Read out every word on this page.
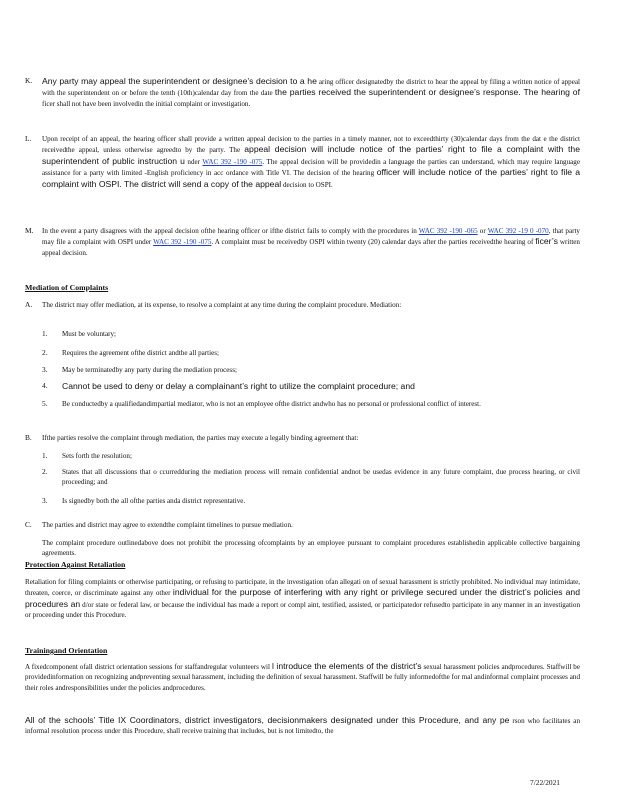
K.	Any party may appeal the superintendent or designee’s decision to a he aring officer designatedby the district to hear the appeal by filing a written notice of appeal with the superintendent on or before the tenth (10th)calendar day from the date the parties received the superintendent or designee’s response. The hearing of ficer shall not have been involvedin the initial complaint or investigation.
L.	Upon receipt of an appeal, the hearing officer shall provide a written appeal decision to the parties in a timely manner, not to exceedthirty (30)calendar days from the dat e the district receivedthe appeal, unless otherwise agreedto by the party. The appeal decision will include notice of the parties’ right to file a complaint with the superintendent of public instruction u nder WAC 392 -190 -075. The appeal decision will be providedin a language the parties can understand, which may require language assistance for a party with limited -English proficiency in acc ordance with Title VI. The decision of the hearing officer will include notice of the parties’ right to file a complaint with OSPI. The district will send a copy of the appeal decision to OSPI.
M.	In the event a party disagrees with the appeal decision ofthe hearing officer or ifthe district fails to comply with the procedures in WAC 392 -190 -065 or WAC 392 -19 0 -070, that party may file a complaint with OSPI under WAC 392 -190 -075. A complaint must be receivedby OSPI within twenty (20) calendar days after the parties receivedthe hearing of ficer’s written appeal decision.
Mediation of Complaints
A.	The district may offer mediation, at its expense, to resolve a complaint at any time during the complaint procedure. Mediation:
1.	Must be voluntary;
2.	Requires the agreement ofthe district andthe all parties;
3.	May be terminatedby any party during the mediation process;
4.	Cannot be used to deny or delay a complainant’s right to utilize the complaint procedure; and
5.	Be conductedby a qualifiedandimpartial mediator, who is not an employee ofthe district andwho has no personal or professional conflict of interest.
B.	Ifthe parties resolve the complaint through mediation, the parties may execute a legally binding agreement that:
1.	Sets forth the resolution;
2.	States that all discussions that o ccurredduring the mediation process will remain confidential andnot be usedas evidence in any future complaint, due process hearing, or civil proceeding; and
3.	Is signedby both the all ofthe parties anda district representative.
C.	The parties and district may agree to extendthe complaint timelines to pursue mediation.
The complaint procedure outlinedabove does not prohibit the processing ofcomplaints by an employee pursuant to complaint procedures establishedin applicable collective bargaining agreements.
Protection Against Retaliation
Retaliation for filing complaints or otherwise participating, or refusing to participate, in the investigation ofan allegati on of sexual harassment is strictly prohibited. No individual may intimidate, threaten, coerce, or discriminate against any other individual for the purpose of interfering with any right or privilege secured under the district’s policies and procedures an d/or state or federal law, or because the individual has made a report or compl aint, testified, assisted, or participatedor refusedto participate in any manner in an investigation or proceeding under this Procedure.
Trainingand Orientation
A fixedcomponent ofall district orientation sessions for staffandregular volunteers wil l introduce the elements of the district’s sexual harassment policies andprocedures. Staffwill be providedinformation on recognizing andpreventing sexual harassment, including the definition of sexual harassment. Staffwill be fully informedofthe for mal andinformal complaint processes and their roles andresponsibilities under the policies andprocedures.
All of the schools’ Title IX Coordinators, district investigators, decisionmakers designated under this Procedure, and any pe rson who facilitates an informal resolution process under this Procedure, shall receive training that includes, but is not limitedto, the
7/22/2021
